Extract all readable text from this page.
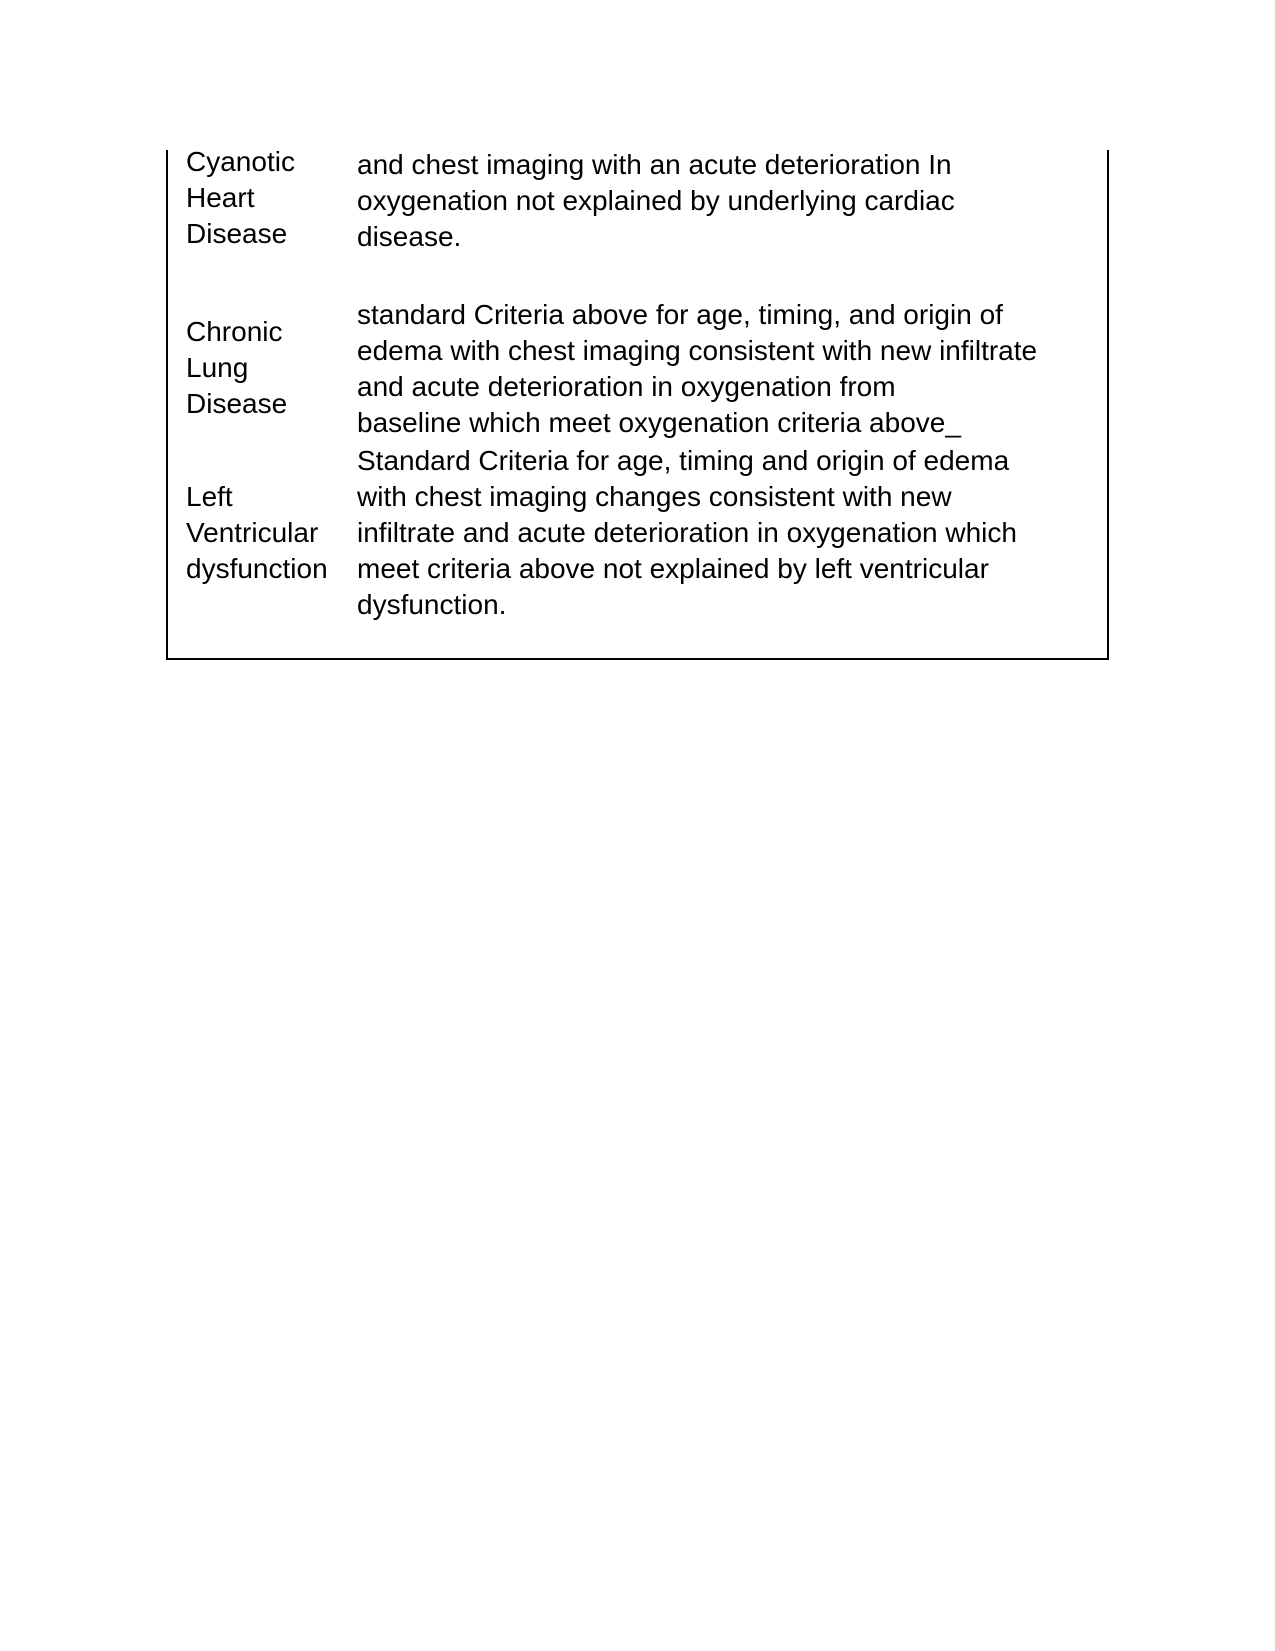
Cyanotic
Heart
Disease
and chest imaging with an acute deterioration In
oxygenation not explained by underlying cardiac
disease.
Chronic
Lung
Disease
standard Criteria above for age, timing, and origin of
edema with chest imaging consistent with new infiltrate
and acute deterioration in oxygenation from
baseline which meet oxygenation criteria above_
Left
Ventricular
dysfunction
Standard Criteria for age, timing and origin of edema
with chest imaging changes consistent with new
infiltrate and acute deterioration in oxygenation which
meet criteria above not explained by left ventricular
dysfunction.
